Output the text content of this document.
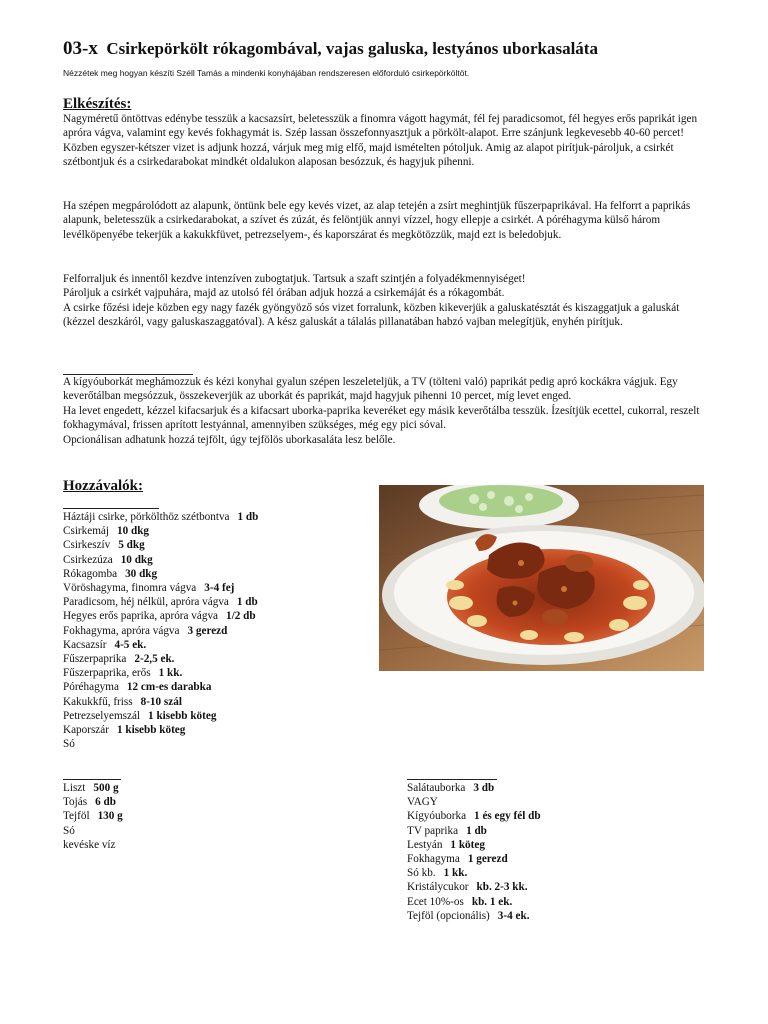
03-x Csirkepörkölt rókagombával, vajas galuska, lestyános uborkasaláta
Nézzétek meg hogyan készíti Széll Tamás a mindenki konyhájában rendszeresen előforduló csirkepörköltöt.
Elkészítés:

Nagyméretű öntöttvas edénybe tesszük a kacsazsírt, beletesszük a finomra vágott hagymát, fél fej paradicsomot, fél hegyes erős paprikát igen apróra vágva, valamint egy kevés fokhagymát is. Szép lassan összefonnyasztjuk a pörkölt-alapot. Erre szánjunk legkevesebb 40-60 percet! Közben egyszer-kétszer vizet is adjunk hozzá, várjuk meg mig elfő, majd ismételten pótoljuk. Amig az alapot pirítjuk-pároljuk, a csirkét szétbontjuk és a csirkedarabokat mindkét oldalukon alaposan besózzuk, és hagyjuk pihenni.

Ha szépen megpárolódott az alapunk, öntünk bele egy kevés vizet, az alap tetején a zsírt meghintjük fűszerpaprikával. Ha felforrt a paprikás alapunk, beletesszük a csirkedarabokat, a szívet és zúzát, és felöntjük annyi vízzel, hogy ellepje a csirkét. A póréhagyma külső három levélköpenyébe tekerjük a kakukkfüvet, petrezselyem-, és kaporszárat és megkötözzük, majd ezt is beledobjuk.

Felforraljuk és innentől kezdve intenzíven zubogtatjuk. Tartsuk a szaft szintjén a folyadékmennyiséget!
Pároljuk a csirkét vajpuhára, majd az utolsó fél órában adjuk hozzá a csirkemáját és a rókagombát.
A csirke főzési ideje közben egy nagy fazék gyöngyöző sós vizet forralunk, közben kikeverjük a galuskatésztát és kiszaggatjuk a galuskát (kézzel deszkáról, vagy galuskaszaggatóval). A kész galuskát a tálalás pillanatában habzó vajban melegítjük, enyhén pirítjuk.

A kígyóuborkát meghámozzuk és kézi konyhai gyalun szépen leszeleteljük, a TV (tölteni való) paprikát pedig apró kockákra vágjuk. Egy keverőtálban megsózzuk, összekeverjük az uborkát és paprikát, majd hagyjuk pihenni 10 percet, míg levet enged.
Ha levet engedett, kézzel kifacsarjuk és a kifacsart uborka-paprika keveréket egy másik keverőtálba tesszük. Ízesítjük ecettel, cukorral, reszelt fokhagymával, frissen aprított lestyánnal, amennyiben szükséges, még egy pici sóval.
Opcionálisan adhatunk hozzá tejfölt, úgy tejfölös uborkasaláta lesz belőle.

Hozzávalók:
Háztáji csirke, pörkölthöz szétbontva 1 db
Csirkemáj 10 dkg
Csirkeszív 5 dkg
Csirkezúza 10 dkg
Rókagomba 30 dkg
Vöröshagyma, finomra vágva 3-4 fej
Paradicsom, héj nélkül, apróra vágva 1 db
Hegyes erős paprika, apróra vágva 1/2 db
Fokhagyma, apróra vágva 3 gerezd
Kacsazsír 4-5 ek.
Fűszerpaprika 2-2,5 ek.
Fűszerpaprika, erős 1 kk.
Póréhagyma 12 cm-es darabka
Kakukkfű, friss 8-10 szál
Petrezselyemszál 1 kisebb köteg
Kaporszár 1 kisebb köteg
Só
Liszt 500 g
Tojás 6 db
Tejföl 130 g
Só
kevéske víz
Salátauborka 3 db
VAGY
Kígyóuborka 1 és egy fél db
TV paprika 1 db
Lestyán 1 köteg
Fokhagyma 1 gerezd
Só kb. 1 kk.
Kristálycukor kb. 2-3 kk.
Ecet 10%-os kb. 1 ek.
Tejföl (opcionális) 3-4 ek.
